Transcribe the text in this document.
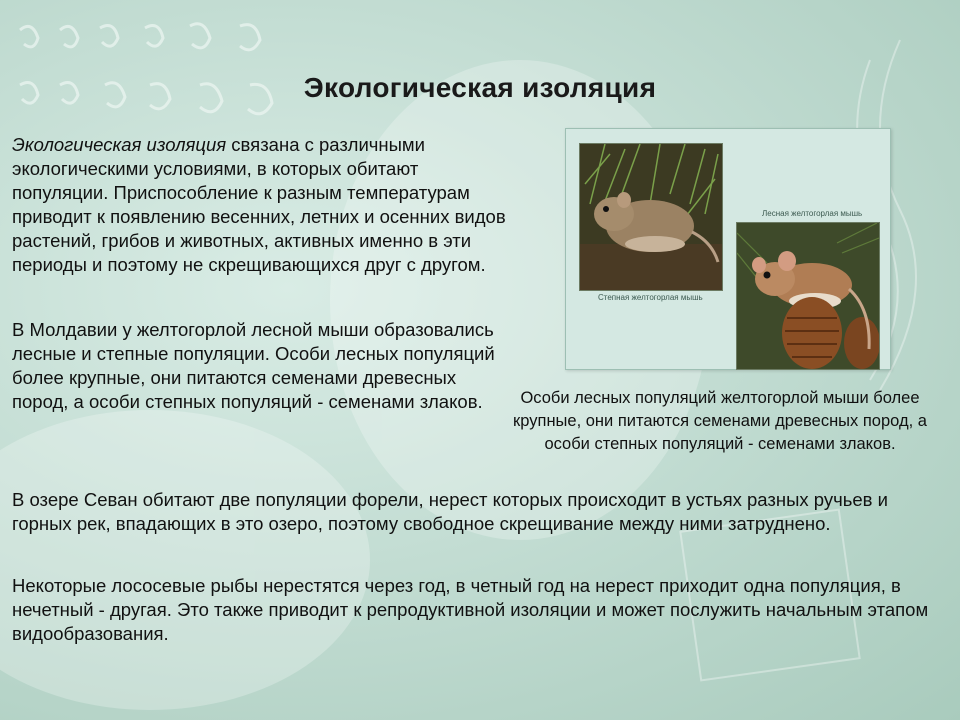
Экологическая изоляция

Экологическая изоляция связана с различными экологическими условиями, в которых обитают популяции. Приспособление к разным температурам приводит к появлению весенних, летних и осенних видов растений, грибов и животных, активных именно в эти периоды и поэтому не скрещивающихся друг с другом.

В Молдавии у желтогорлой лесной мыши образовались лесные и степные популяции. Особи лесных популяций более крупные, они питаются семенами древесных пород, а особи степных популяций - семенами злаков.

Степная желтогорлая мышь
Лесная желтогорлая мышь
Особи лесных популяций желтогорлой мыши более крупные, они питаются семенами древесных пород, а особи степных популяций - семенами злаков.

В озере Севан обитают две популяции форели, нерест которых происходит в устьях разных ручьев и горных рек, впадающих в это озеро, поэтому свободное скрещивание между ними затруднено.

Некоторые лососевые рыбы нерестятся через год, в четный год на нерест приходит одна популяция, в нечетный - другая. Это также приводит к репродуктивной изоляции и может послужить начальным этапом видообразования.
